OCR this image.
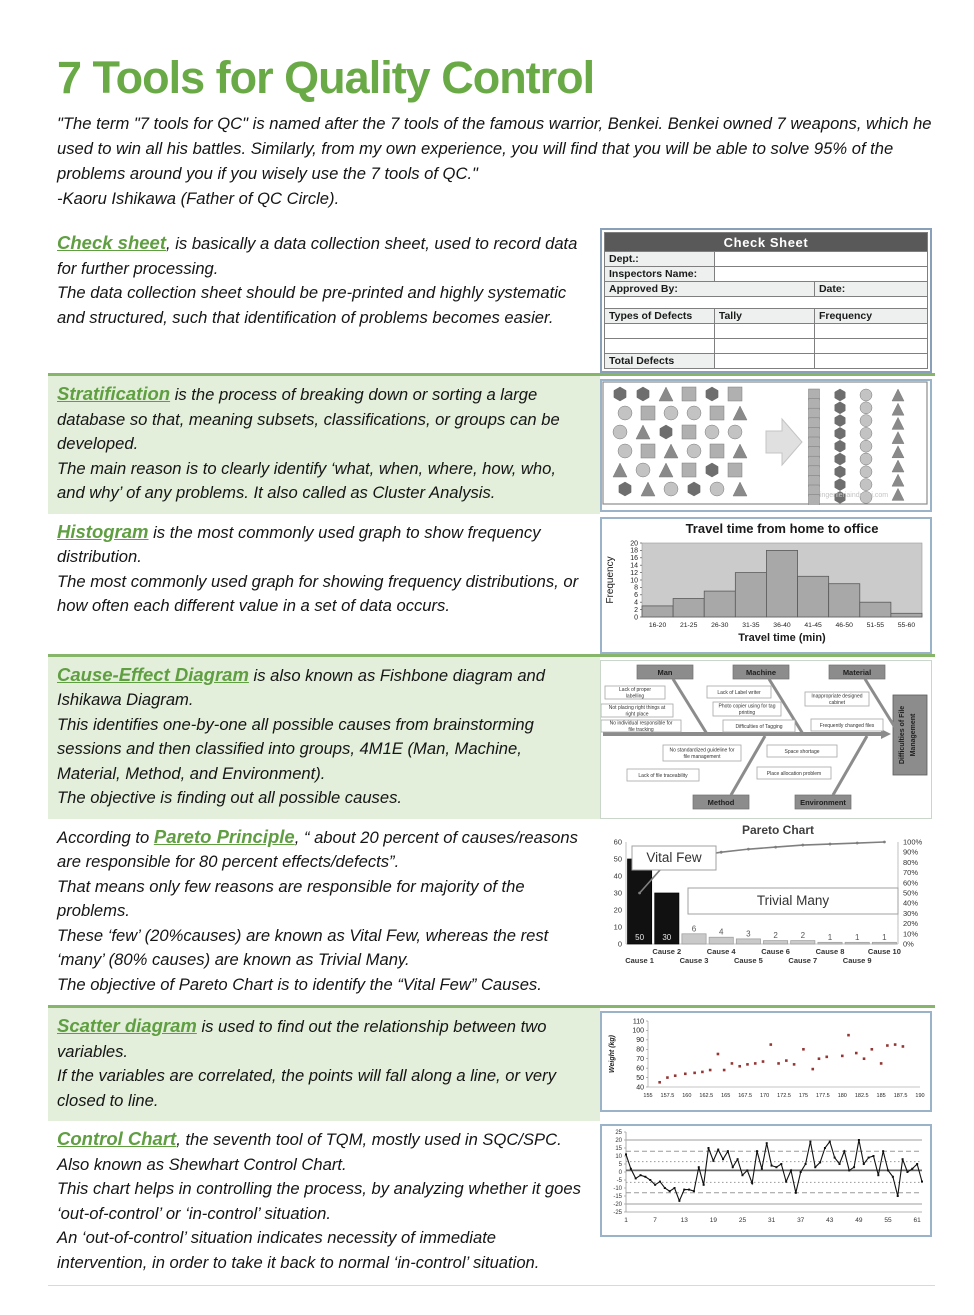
7 Tools for Quality Control

"The term "7 tools for QC" is named after the 7 tools of the famous warrior, Benkei. Benkei owned 7 weapons, which he used to win all his battles. Similarly, from my own experience, you will find that you will be able to solve 95% of the problems around you if you wisely use the 7 tools of QC."

-Kaoru Ishikawa (Father of QC Circle).

Check sheet, is basically a data collection sheet, used to record data for further processing.

The data collection sheet should be pre-printed and highly systematic and structured, such that identification of problems becomes easier.

Check Sheet		
Dept.:		
Inspectors Name:		
Approved By:		Date:

Types of Defects	Tally	Frequency

Total Defects		

Stratification is the process of breaking down or sorting a large database so that, meaning subsets, classifications, or groups can be developed.

The main reason is to clearly identify ‘what, when, where, how, who, and why’ of any problems. It also called as Cluster Analysis.	ingenieriaindustri.com

Histogram is the most commonly used graph to show frequency distribution.

The most commonly used graph for showing frequency distributions, or how often each different value in a set of data occurs.

Travel time from home to office
0
2
4
6
8
10
12
14
16
18
20
16-20 21-25 26-30 31-35 36-40 41-45 46-50 51-55 55-60
Travel time (min)
Frequency

Cause-Effect Diagram is also known as Fishbone diagram and Ishikawa Diagram.

This identifies one-by-one all possible causes from brainstorming sessions and then classified into groups, 4M1E (Man, Machine, Material, Method, and Environment).

The objective is finding out all possible causes.

Difficulties of File Management
Man	Machine	Material
Method	Environment
Lack of proper
labelling
Not placing right things at
right place
No individual responsible for
file tracking
Lack of Label writer
Photo copier using for tag
printing
Difficulties of Tagging
Inappropriate designed
cabinet
Frequently changed files
No standardized guideline for
file management
Lack of file traceability
Space shortage
Place allocation problem

According to Pareto Principle, “ about 20 percent of causes/reasons are responsible for 80 percent effects/defects”.

That means only few reasons are responsible for majority of the problems.

These ‘few’ (20%causes) are known as Vital Few, whereas the rest ‘many’ (80% causes) are known as Trivial Many.

The objective of Pareto Chart is to identify the “Vital Few” Causes.

Pareto Chart
0
10
20
30
40
50
60
0%
10%
20%
30%
40%
50%
60%
70%
80%
90%
100%
50 30
6	4	3	2	2	1	1	1
Vital Few
Trivial Many
Cause 1
Cause 2
Cause 3
Cause 4
Cause 5
Cause 6
Cause 7
Cause 8
Cause 9
Cause 10

Scatter diagram is used to find out the relationship between two variables.

If the variables are correlated, the points will fall along a line, or very closed to line.

40
50
60
70
80
90
100
110
155 157.5 160 162.5 165 167.5 170 172.5 175 177.5 180 182.5 185 187.5 190
Weight (kg)

Control Chart, the seventh tool of TQM, mostly used in SQC/SPC.

Also known as Shewhart Control Chart.

This chart helps in controlling the process, by analyzing whether it goes ‘out-of-control’ or ‘in-control’ situation.

An ‘out-of-control’ situation indicates necessity of immediate intervention, in order to take it back to normal ‘in-control’ situation.

-25
-20
-15
-10
-5
0
5
10
15
20
25
1	7	13	19	25	31	37	43	49	55	61
